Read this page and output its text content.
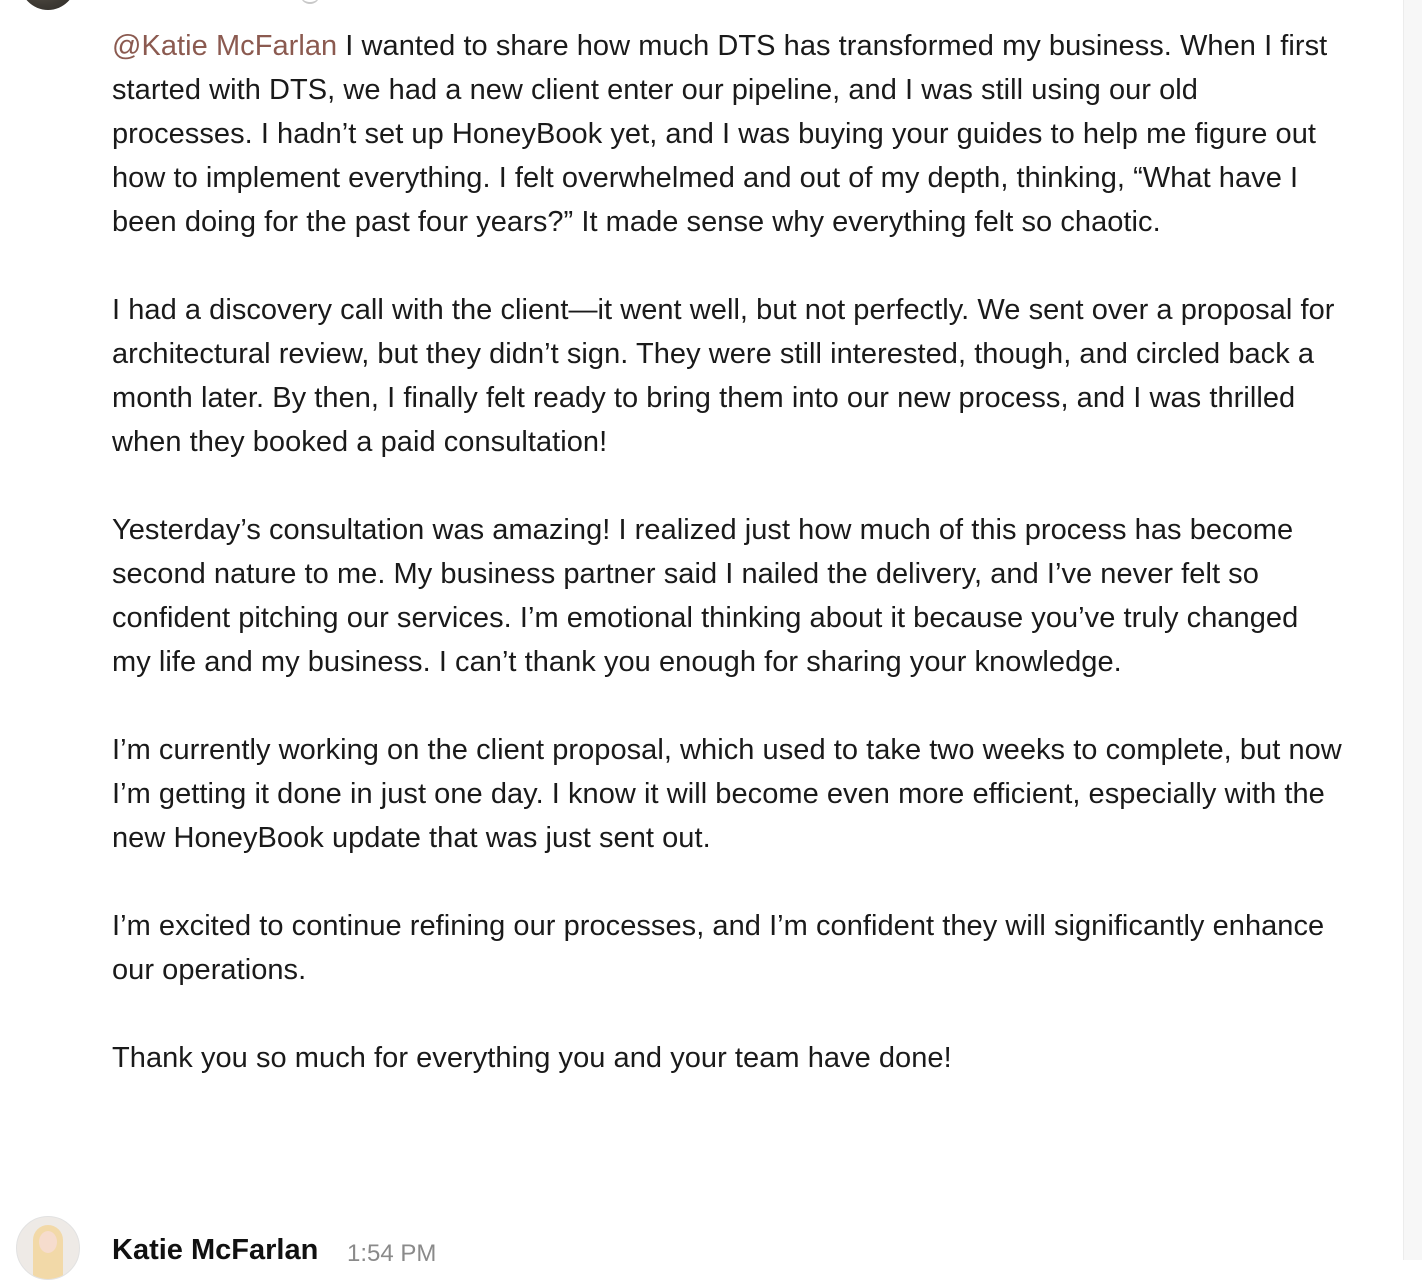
@Katie McFarlan I wanted to share how much DTS has transformed my business. When I first started with DTS, we had a new client enter our pipeline, and I was still using our old processes. I hadn’t set up HoneyBook yet, and I was buying your guides to help me figure out how to implement everything. I felt overwhelmed and out of my depth, thinking, “What have I been doing for the past four years?” It made sense why everything felt so chaotic.

I had a discovery call with the client—it went well, but not perfectly. We sent over a proposal for architectural review, but they didn’t sign. They were still interested, though, and circled back a month later. By then, I finally felt ready to bring them into our new process, and I was thrilled when they booked a paid consultation!

Yesterday’s consultation was amazing! I realized just how much of this process has become second nature to me. My business partner said I nailed the delivery, and I’ve never felt so confident pitching our services. I’m emotional thinking about it because you’ve truly changed my life and my business. I can’t thank you enough for sharing your knowledge.

I’m currently working on the client proposal, which used to take two weeks to complete, but now I’m getting it done in just one day. I know it will become even more efficient, especially with the new HoneyBook update that was just sent out.

I’m excited to continue refining our processes, and I’m confident they will significantly enhance our operations.

Thank you so much for everything you and your team have done!

Katie McFarlan 1:54 PM
